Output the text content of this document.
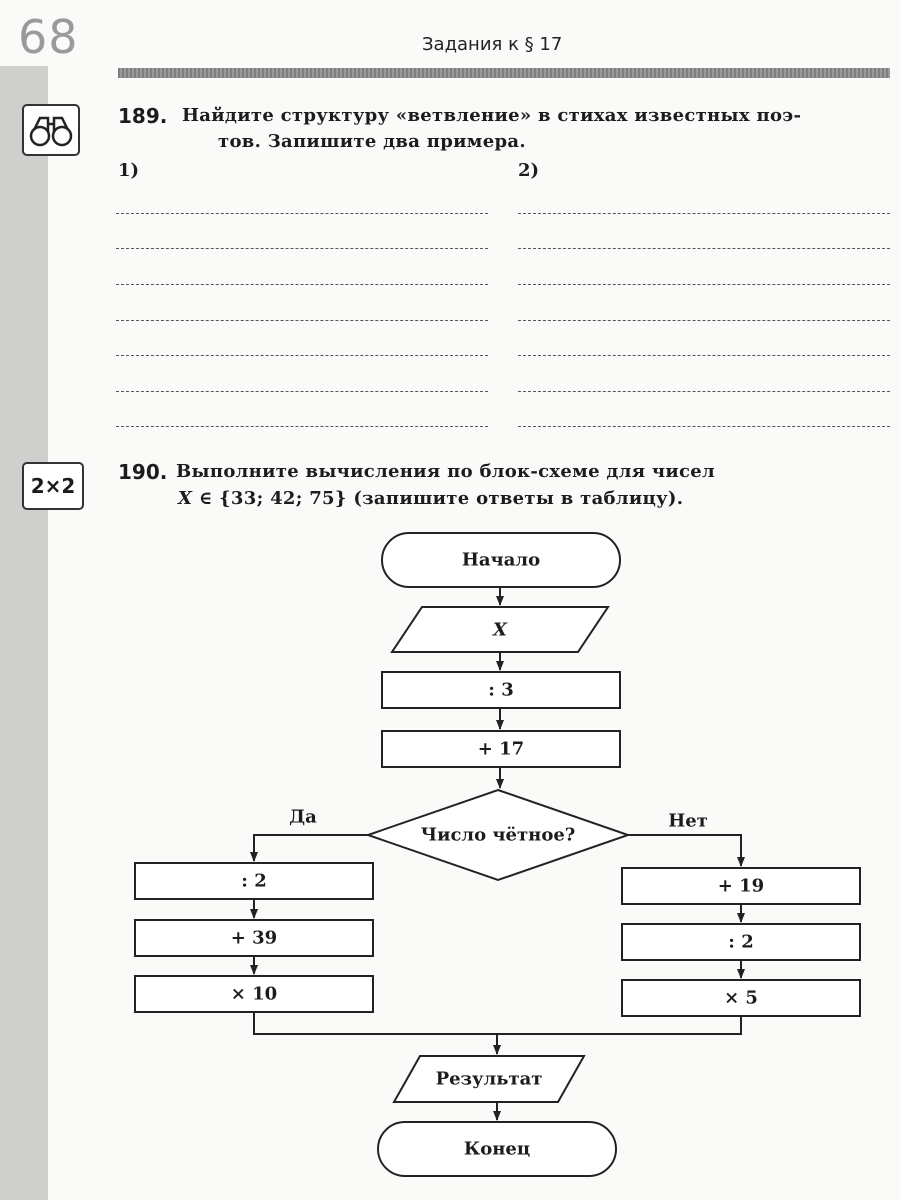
68	Задания к § 17
189. Найдите структуру «ветвление» в стихах известных поэ-
тов. Запишите два примера.
1)	2)
2×2
190. Выполните вычисления по блок-схеме для чисел
X ∈ {33; 42; 75} (запишите ответы в таблицу).
Начало
X
: 3
+ 17
Число чётное?
Да	Нет
: 2
+ 39
× 10
+ 19
: 2
× 5
Результат
Конец
